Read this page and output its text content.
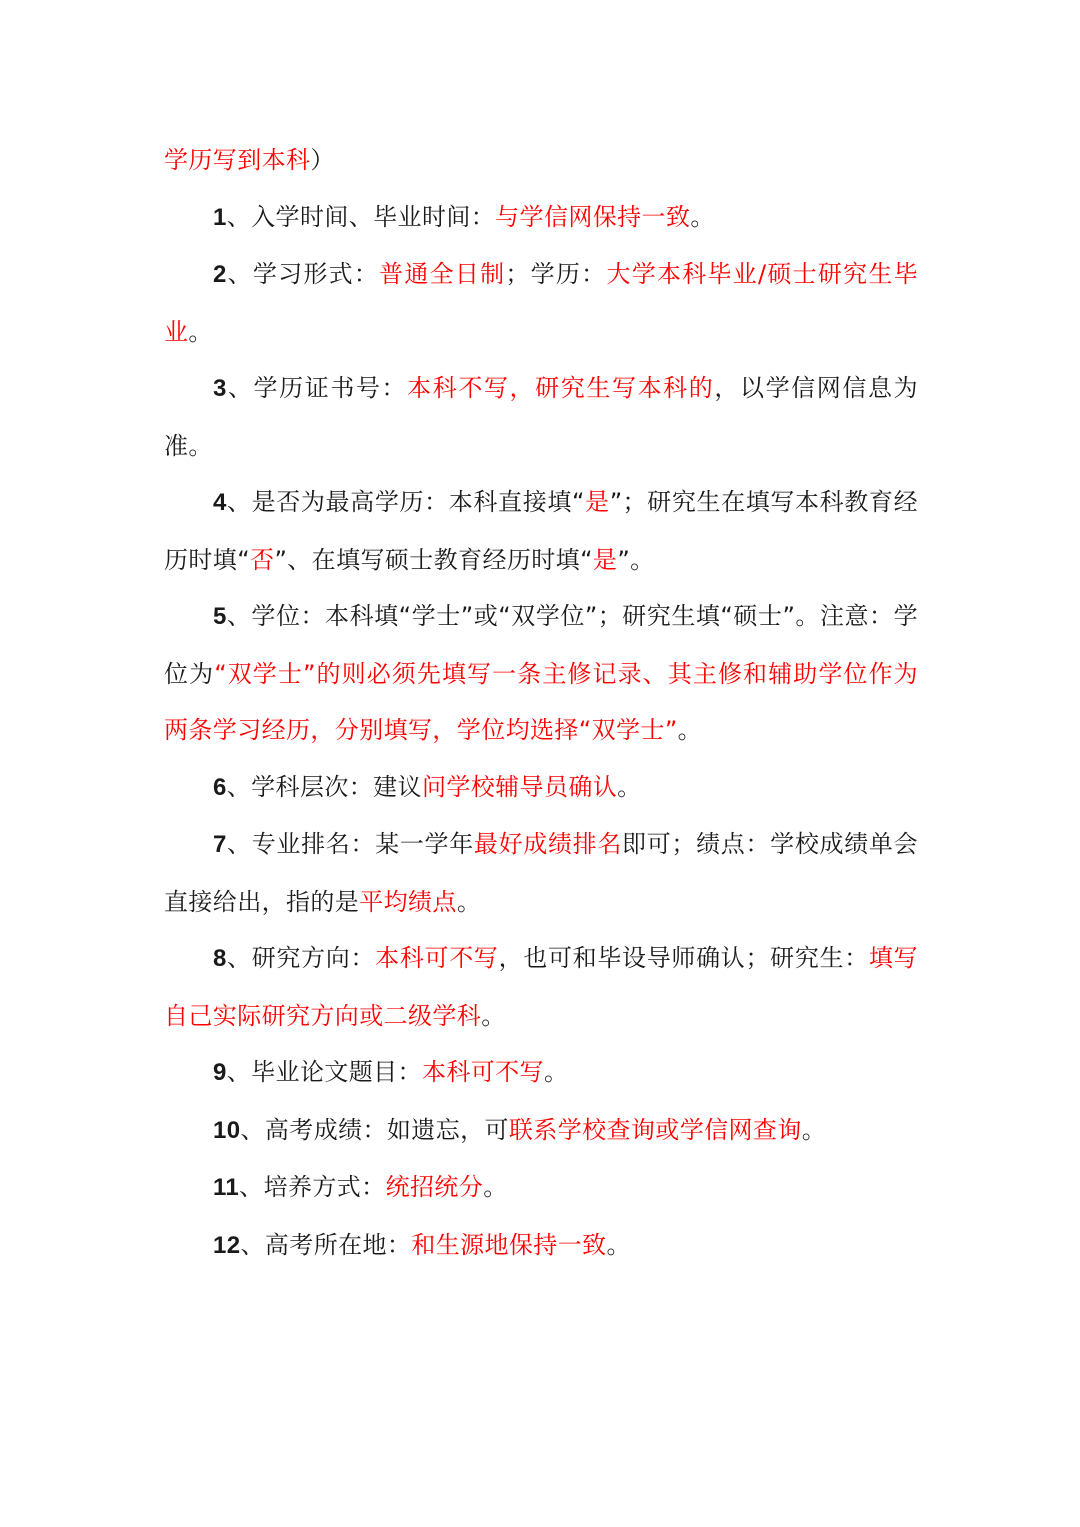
学历写到本科）

1、入学时间、毕业时间：与学信网保持一致。

2、学习形式：普通全日制；学历：大学本科毕业/硕士研究生毕业。

3、学历证书号：本科不写，研究生写本科的，以学信网信息为准。

4、是否为最高学历：本科直接填“是”；研究生在填写本科教育经历时填“否”、在填写硕士教育经历时填“是”。

5、学位：本科填“学士”或“双学位”；研究生填“硕士”。注意：学位为“双学士”的则必须先填写一条主修记录、其主修和辅助学位作为两条学习经历，分别填写，学位均选择“双学士”。

6、学科层次：建议问学校辅导员确认。

7、专业排名：某一学年最好成绩排名即可；绩点：学校成绩单会直接给出，指的是平均绩点。

8、研究方向：本科可不写，也可和毕设导师确认；研究生：填写自己实际研究方向或二级学科。

9、毕业论文题目：本科可不写。

10、高考成绩：如遗忘，可联系学校查询或学信网查询。

11、培养方式：统招统分。

12、高考所在地：和生源地保持一致。
